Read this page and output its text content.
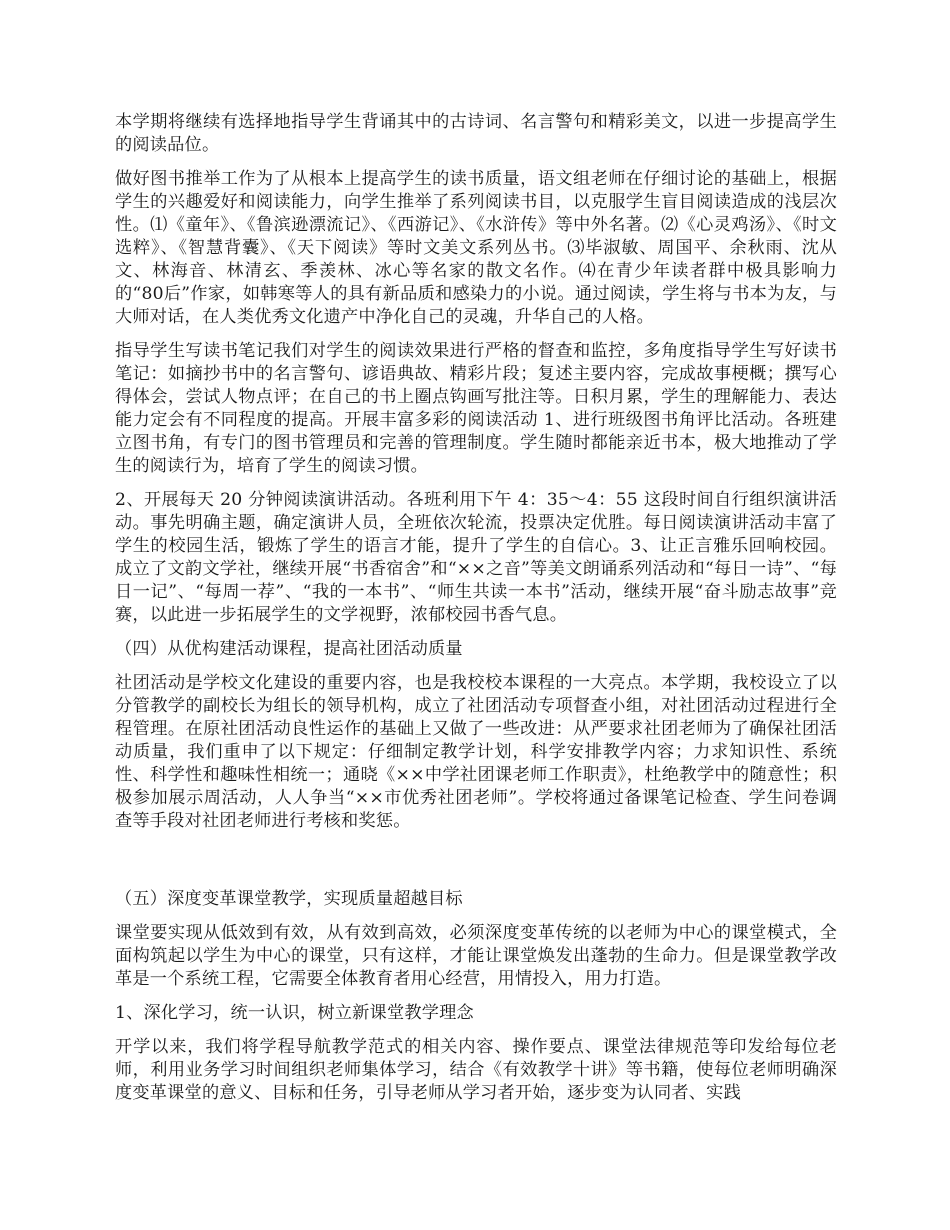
本学期将继续有选择地指导学生背诵其中的古诗词、名言警句和精彩美文，以进一步提高学生的阅读品位。

做好图书推举工作为了从根本上提高学生的读书质量，语文组老师在仔细讨论的基础上，根据学生的兴趣爱好和阅读能力，向学生推举了系列阅读书目，以克服学生盲目阅读造成的浅层次性。⑴《童年》、《鲁滨逊漂流记》、《西游记》、《水浒传》等中外名著。⑵《心灵鸡汤》、《时文选粹》、《智慧背囊》、《天下阅读》等时文美文系列丛书。⑶毕淑敏、周国平、余秋雨、沈从文、林海音、林清玄、季羡林、冰心等名家的散文名作。⑷在青少年读者群中极具影响力的“80后”作家，如韩寒等人的具有新品质和感染力的小说。通过阅读，学生将与书本为友，与大师对话，在人类优秀文化遗产中净化自己的灵魂，升华自己的人格。

指导学生写读书笔记我们对学生的阅读效果进行严格的督查和监控，多角度指导学生写好读书笔记：如摘抄书中的名言警句、谚语典故、精彩片段；复述主要内容，完成故事梗概；撰写心得体会，尝试人物点评；在自己的书上圈点钩画写批注等。日积月累，学生的理解能力、表达能力定会有不同程度的提高。开展丰富多彩的阅读活动 1、进行班级图书角评比活动。各班建立图书角，有专门的图书管理员和完善的管理制度。学生随时都能亲近书本，极大地推动了学生的阅读行为，培育了学生的阅读习惯。

2、开展每天 20 分钟阅读演讲活动。各班利用下午 4：35～4：55 这段时间自行组织演讲活动。事先明确主题，确定演讲人员，全班依次轮流，投票决定优胜。每日阅读演讲活动丰富了学生的校园生活，锻炼了学生的语言才能，提升了学生的自信心。3、让正言雅乐回响校园。成立了文韵文学社，继续开展“书香宿舍”和“××之音”等美文朗诵系列活动和“每日一诗”、“每日一记”、“每周一荐”、“我的一本书”、“师生共读一本书”活动，继续开展“奋斗励志故事”竞赛，以此进一步拓展学生的文学视野，浓郁校园书香气息。

（四）从优构建活动课程，提高社团活动质量

社团活动是学校文化建设的重要内容，也是我校校本课程的一大亮点。本学期，我校设立了以分管教学的副校长为组长的领导机构，成立了社团活动专项督查小组，对社团活动过程进行全程管理。在原社团活动良性运作的基础上又做了一些改进：从严要求社团老师为了确保社团活动质量，我们重申了以下规定：仔细制定教学计划，科学安排教学内容；力求知识性、系统性、科学性和趣味性相统一；通晓《××中学社团课老师工作职责》，杜绝教学中的随意性；积极参加展示周活动，人人争当“××市优秀社团老师”。学校将通过备课笔记检查、学生问卷调查等手段对社团老师进行考核和奖惩。

（五）深度变革课堂教学，实现质量超越目标

课堂要实现从低效到有效，从有效到高效，必须深度变革传统的以老师为中心的课堂模式，全面构筑起以学生为中心的课堂，只有这样，才能让课堂焕发出蓬勃的生命力。但是课堂教学改革是一个系统工程，它需要全体教育者用心经营，用情投入，用力打造。

1、深化学习，统一认识，树立新课堂教学理念

开学以来，我们将学程导航教学范式的相关内容、操作要点、课堂法律规范等印发给每位老师，利用业务学习时间组织老师集体学习，结合《有效教学十讲》等书籍，使每位老师明确深度变革课堂的意义、目标和任务，引导老师从学习者开始，逐步变为认同者、实践
